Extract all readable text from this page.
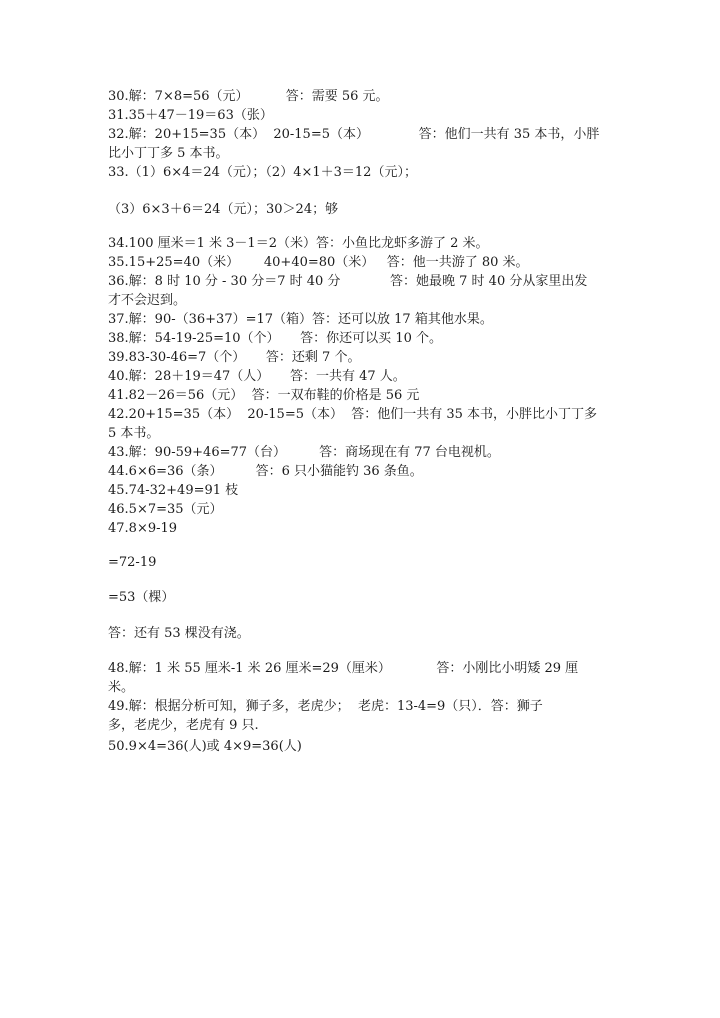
30.解：7×8=56（元）         答：需要 56 元。
31.35＋47－19＝63（张）
32.解：20+15=35（本）  20-15=5（本）            答：他们一共有 35 本书，小胖
比小丁丁多 5 本书。
33.（1）6×4＝24（元）；（2）4×1＋3＝12（元）；
（3）6×3＋6＝24（元）；30＞24；够
34.100 厘米＝1 米 3－1＝2（米）答：小鱼比龙虾多游了 2 米。
35.15+25=40（米）      40+40=80（米）   答：他一共游了 80 米。
36.解：8 时 10 分 - 30 分＝7 时 40 分            答：她最晚 7 时 40 分从家里出发
才不会迟到。
37.解：90-（36+37）=17（箱）答：还可以放 17 箱其他水果。
38.解：54-19-25=10（个）     答：你还可以买 10 个。
39.83-30-46=7（个）     答：还剩 7 个。
40.解：28＋19＝47（人）     答：一共有 47 人。
41.82－26＝56（元）  答：一双布鞋的价格是 56 元
42.20+15=35（本）  20-15=5（本）  答：他们一共有 35 本书，小胖比小丁丁多
5 本书。
43.解：90-59+46=77（台）        答：商场现在有 77 台电视机。
44.6×6=36（条）        答：6 只小猫能钓 36 条鱼。
45.74-32+49=91 枝
46.5×7=35（元）
47.8×9-19
=72-19
=53（棵）
答：还有 53 棵没有浇。
48.解：1 米 55 厘米-1 米 26 厘米=29（厘米）           答：小刚比小明矮 29 厘
米。
49.解：根据分析可知，狮子多，老虎少；  老虎：13-4=9（只）．答：狮子
多，老虎少，老虎有 9 只.
50.9×4=36(人)或 4×9=36(人)
